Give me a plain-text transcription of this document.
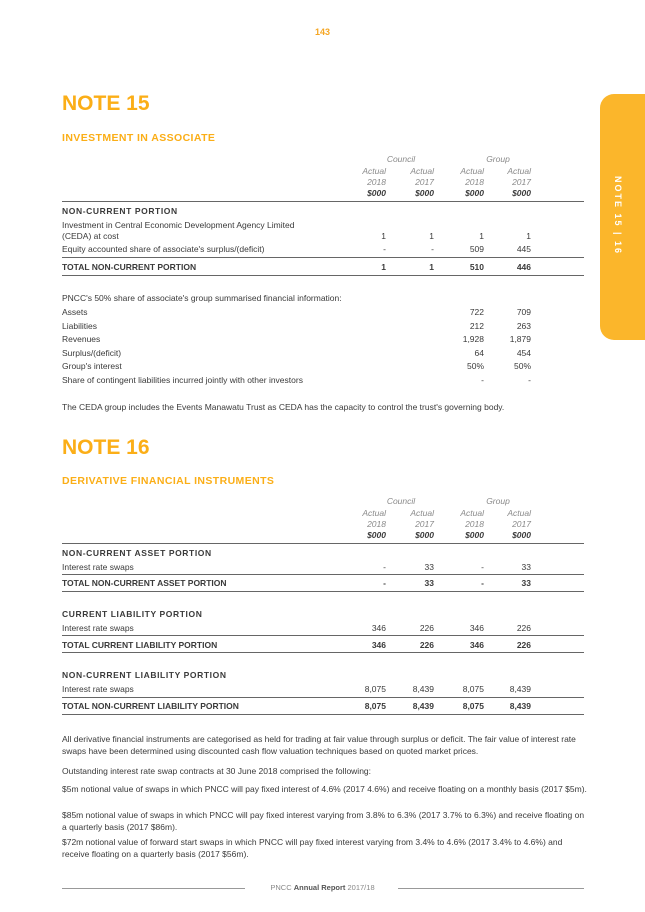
143
NOTE 15 | 16
NOTE 15
INVESTMENT IN ASSOCIATE
Council	Group
Actual	Actual	Actual	Actual
2018	2017	2018	2017
$000	$000	$000	$000
NON-CURRENT PORTION
Investment in Central Economic Development Agency Limited
(CEDA) at cost	1	1	1	1
Equity accounted share of associate's surplus/(deficit)	-	-	509	445
TOTAL NON-CURRENT PORTION	1	1	510	446
PNCC's 50% share of associate's group summarised financial information:
Assets	722	709
Liabilities	212	263
Revenues	1,928	1,879
Surplus/(deficit)	64	454
Group's interest	50%	50%
Share of contingent liabilities incurred jointly with other investors	-	-
The CEDA group includes the Events Manawatu Trust as CEDA has the capacity to control the trust's governing body.
NOTE 16
DERIVATIVE FINANCIAL INSTRUMENTS
Council	Group
Actual	Actual	Actual	Actual
2018	2017	2018	2017
$000	$000	$000	$000
NON-CURRENT ASSET PORTION
Interest rate swaps	-	33	-	33
TOTAL NON-CURRENT ASSET PORTION	-	33	-	33
CURRENT LIABILITY PORTION
Interest rate swaps	346	226	346	226
TOTAL CURRENT LIABILITY PORTION	346	226	346	226
NON-CURRENT LIABILITY PORTION
Interest rate swaps	8,075	8,439	8,075	8,439
TOTAL NON-CURRENT LIABILITY PORTION	8,075	8,439	8,075	8,439
All derivative financial instruments are categorised as held for trading at fair value through surplus or deficit. The fair value of interest rate swaps have been determined using discounted cash flow valuation techniques based on quoted market prices.
Outstanding interest rate swap contracts at 30 June 2018 comprised the following:
$5m notional value of swaps in which PNCC will pay fixed interest of 4.6% (2017 4.6%) and receive floating on a monthly basis (2017 $5m).
$85m notional value of swaps in which PNCC will pay fixed interest varying from 3.8% to 6.3% (2017 3.7% to 6.3%) and receive floating on a quarterly basis (2017 $86m).
$72m notional value of forward start swaps in which PNCC will pay fixed interest varying from 3.4% to 4.6% (2017 3.4% to 4.6%) and receive floating on a quarterly basis (2017 $56m).
PNCC Annual Report 2017/18
